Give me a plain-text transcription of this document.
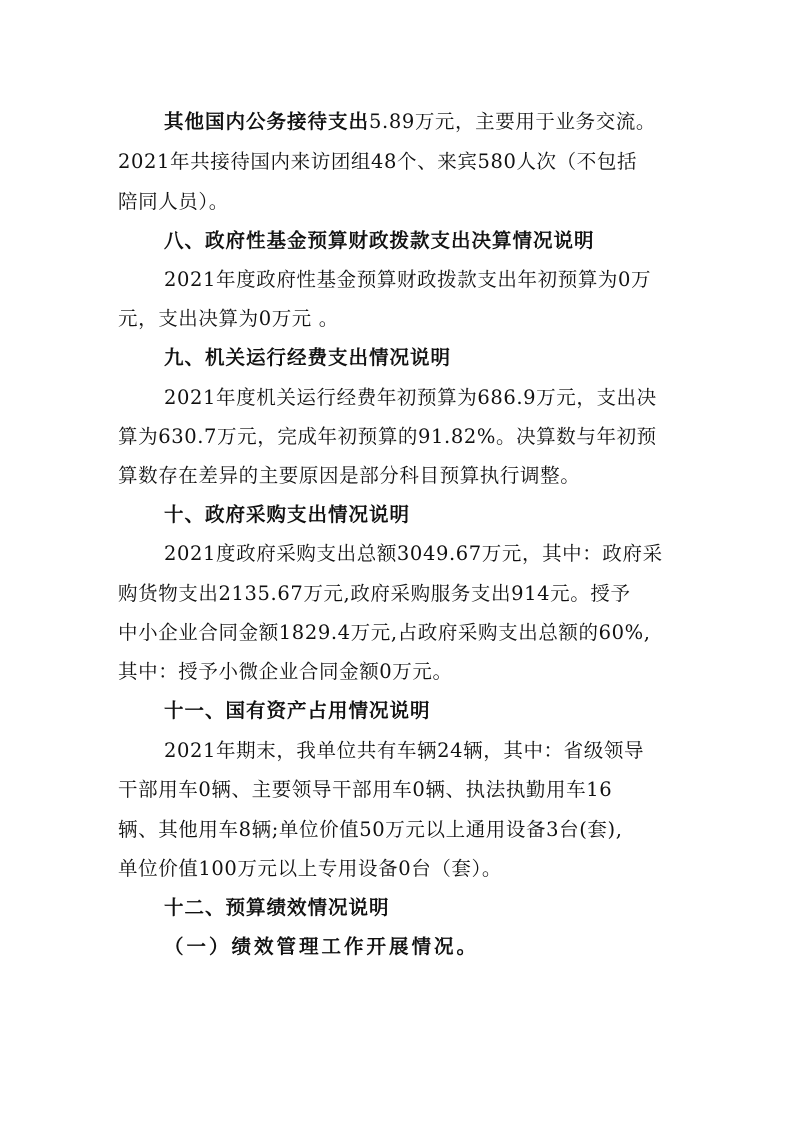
其他国内公务接待支出5.89万元，主要用于业务交流。
2021年共接待国内来访团组48个、来宾580人次（不包括
陪同人员）。
八、政府性基金预算财政拨款支出决算情况说明
2021年度政府性基金预算财政拨款支出年初预算为0万
元，支出决算为0万元 。
九、机关运行经费支出情况说明
2021年度机关运行经费年初预算为686.9万元，支出决
算为630.7万元，完成年初预算的91.82%。决算数与年初预
算数存在差异的主要原因是部分科目预算执行调整。
十、政府采购支出情况说明
2021度政府采购支出总额3049.67万元，其中：政府采
购货物支出2135.67万元,政府采购服务支出914元。授予
中小企业合同金额1829.4万元,占政府采购支出总额的60%,
其中：授予小微企业合同金额0万元。
十一、国有资产占用情况说明
2021年期末，我单位共有车辆24辆，其中：省级领导
干部用车0辆、主要领导干部用车0辆、执法执勤用车16
辆、其他用车8辆;单位价值50万元以上通用设备3台(套),
单位价值100万元以上专用设备0台（套）。
十二、预算绩效情况说明
（一）绩效管理工作开展情况。
